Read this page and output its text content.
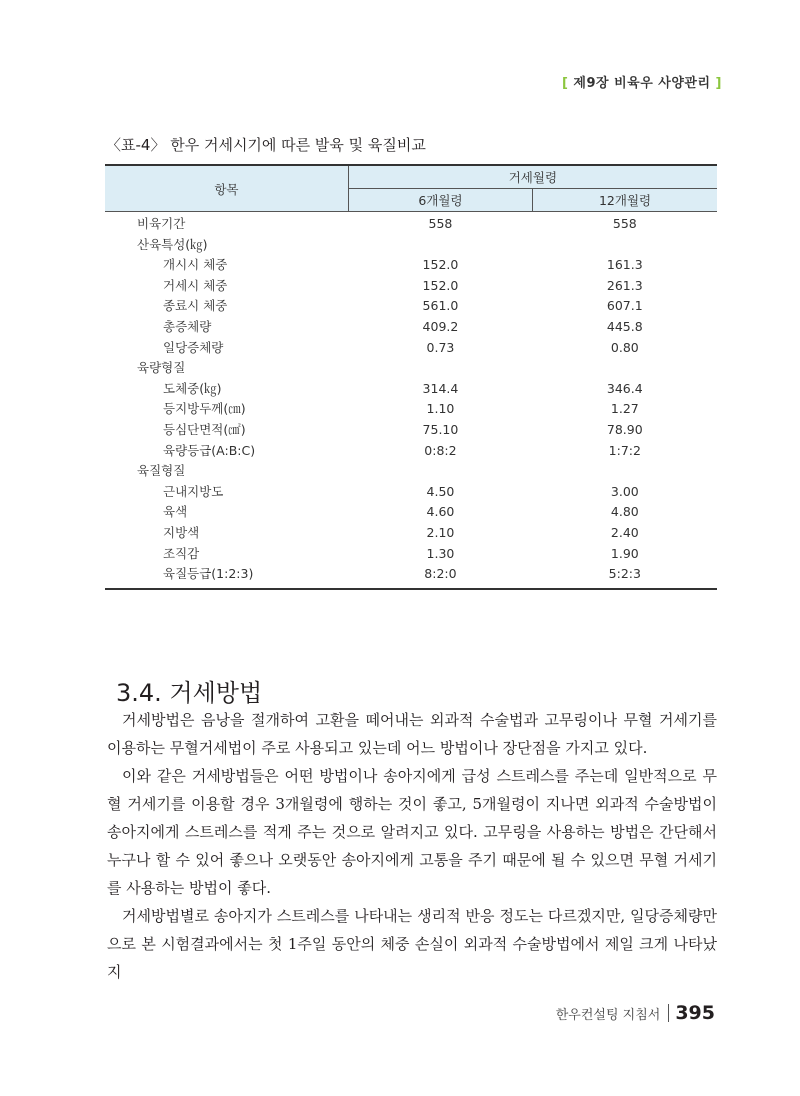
[ 제9장 비육우 사양관리 ]
〈표-4〉 한우 거세시기에 따른 발육 및 육질비교
항목	거세월령	
	6개월령	12개월령
비육기간	558	558
산육특성(㎏)		
개시시 체중	152.0	161.3
거세시 체중	152.0	261.3
종료시 체중	561.0	607.1
총증체량	409.2	445.8
일당증체량	0.73	0.80
육량형질		
도체중(㎏)	314.4	346.4
등지방두께(㎝)	1.10	1.27
등심단면적(㎠)	75.10	78.90
육량등급(A:B:C)	0:8:2	1:7:2
육질형질		
근내지방도	4.50	3.00
육색	4.60	4.80
지방색	2.10	2.40
조직감	1.30	1.90
육질등급(1:2:3)	8:2:0	5:2:3
3.4. 거세방법

거세방법은 음낭을 절개하여 고환을 떼어내는 외과적 수술법과 고무링이나 무혈 거세기를 이용하는 무혈거세법이 주로 사용되고 있는데 어느 방법이나 장단점을 가지고 있다.

이와 같은 거세방법들은 어떤 방법이나 송아지에게 급성 스트레스를 주는데 일반적으로 무혈 거세기를 이용할 경우 3개월령에 행하는 것이 좋고, 5개월령이 지나면 외과적 수술방법이 송아지에게 스트레스를 적게 주는 것으로 알려지고 있다. 고무링을 사용하는 방법은 간단해서 누구나 할 수 있어 좋으나 오랫동안 송아지에게 고통을 주기 때문에 될 수 있으면 무혈 거세기를 사용하는 방법이 좋다.

거세방법별로 송아지가 스트레스를 나타내는 생리적 반응 정도는 다르겠지만, 일당증체량만으로 본 시험결과에서는 첫 1주일 동안의 체중 손실이 외과적 수술방법에서 제일 크게 나타났지

한우컨설팅 지침서 395
